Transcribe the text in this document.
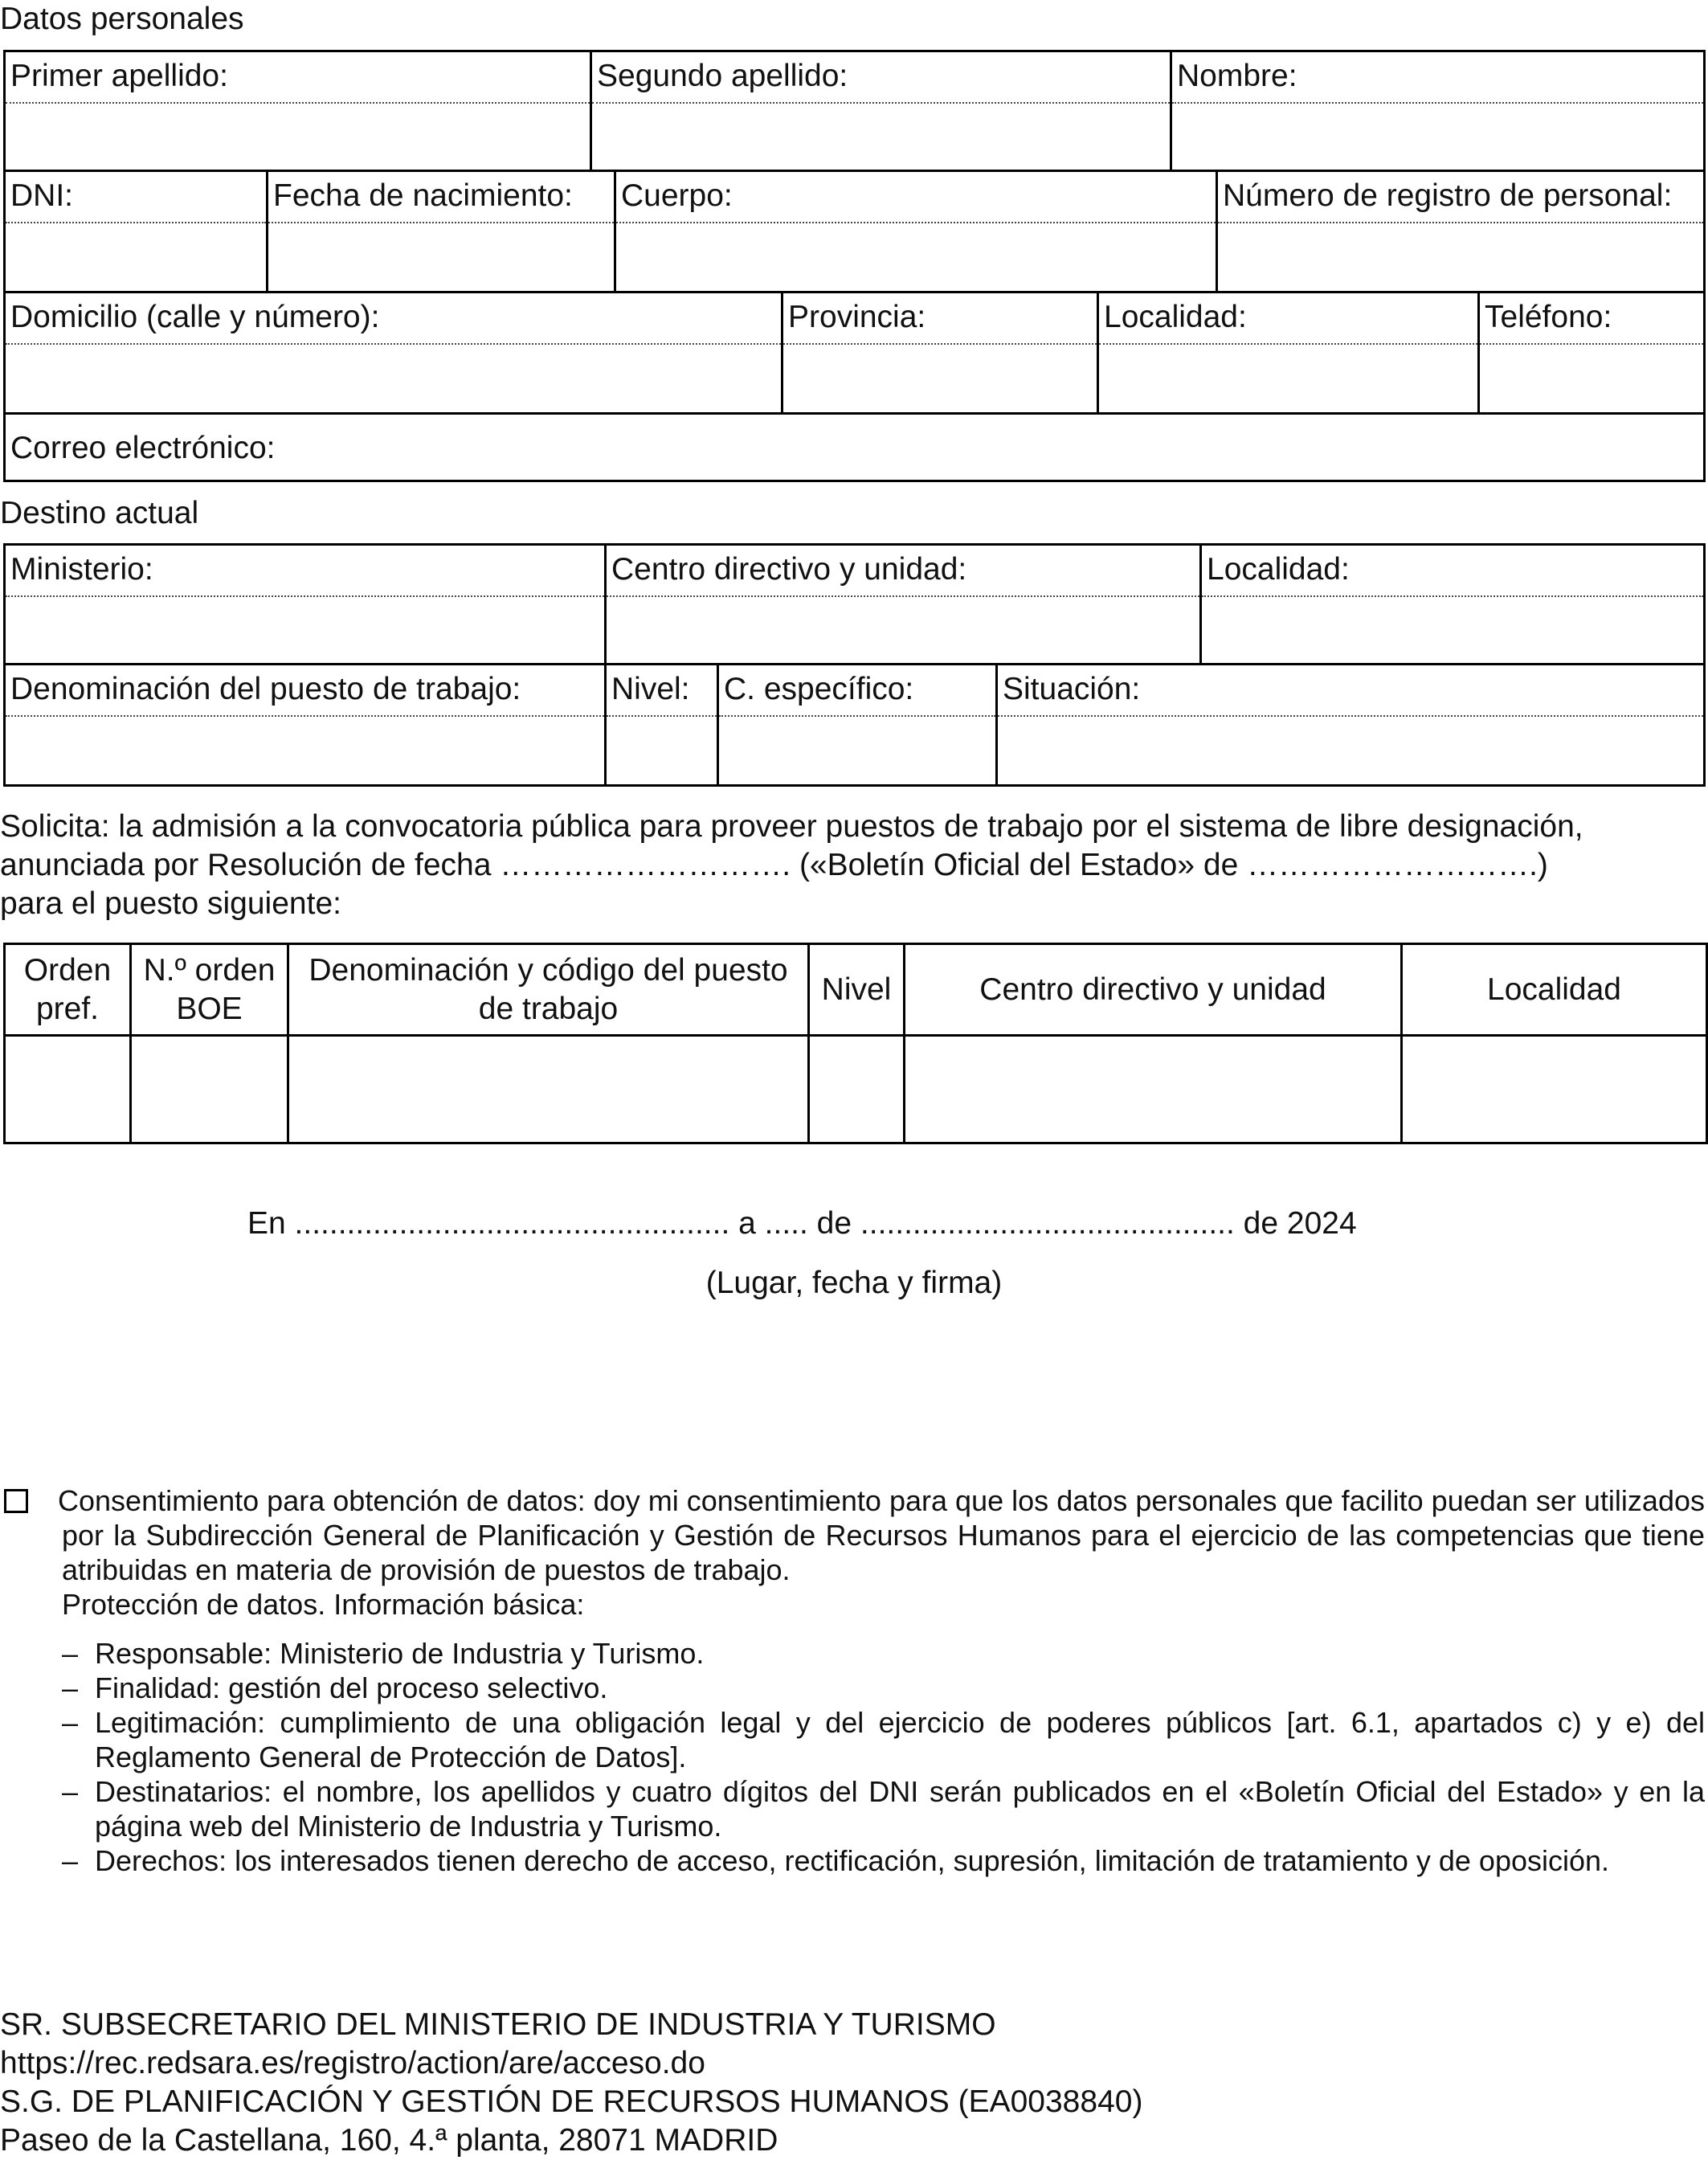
Datos personales
Primer apellido:	Segundo apellido:	Nombre:
DNI:	Fecha de nacimiento:	Cuerpo:	Número de registro de personal:
Domicilio (calle y número):	Provincia:	Localidad:	Teléfono:
Correo electrónico:
Destino actual
Ministerio:	Centro directivo y unidad:	Localidad:
Denominación del puesto de trabajo:	Nivel:	C. específico:	Situación:
Solicita: la admisión a la convocatoria pública para proveer puestos de trabajo por el sistema de libre designación,
anunciada por Resolución de fecha ………………………. («Boletín Oficial del Estado» de ……………………….)
para el puesto siguiente:
Orden pref.	N.º orden BOE	Denominación y código del puesto de trabajo	Nivel	Centro directivo y unidad	Localidad

En .................................................. a ..... de ........................................... de 2024
(Lugar, fecha y firma)
Consentimiento para obtención de datos: doy mi consentimiento para que los datos personales que facilito puedan ser utilizados por la Subdirección General de Planificación y Gestión de Recursos Humanos para el ejercicio de las competencias que tiene atribuidas en materia de provisión de puestos de trabajo.
Protección de datos. Información básica:
– Responsable: Ministerio de Industria y Turismo.
– Finalidad: gestión del proceso selectivo.
– Legitimación: cumplimiento de una obligación legal y del ejercicio de poderes públicos [art. 6.1, apartados c) y e) del Reglamento General de Protección de Datos].
– Destinatarios: el nombre, los apellidos y cuatro dígitos del DNI serán publicados en el «Boletín Oficial del Estado» y en la página web del Ministerio de Industria y Turismo.
– Derechos: los interesados tienen derecho de acceso, rectificación, supresión, limitación de tratamiento y de oposición.
SR. SUBSECRETARIO DEL MINISTERIO DE INDUSTRIA Y TURISMO
https://rec.redsara.es/registro/action/are/acceso.do
S.G. DE PLANIFICACIÓN Y GESTIÓN DE RECURSOS HUMANOS (EA0038840)
Paseo de la Castellana, 160, 4.ª planta, 28071 MADRID
